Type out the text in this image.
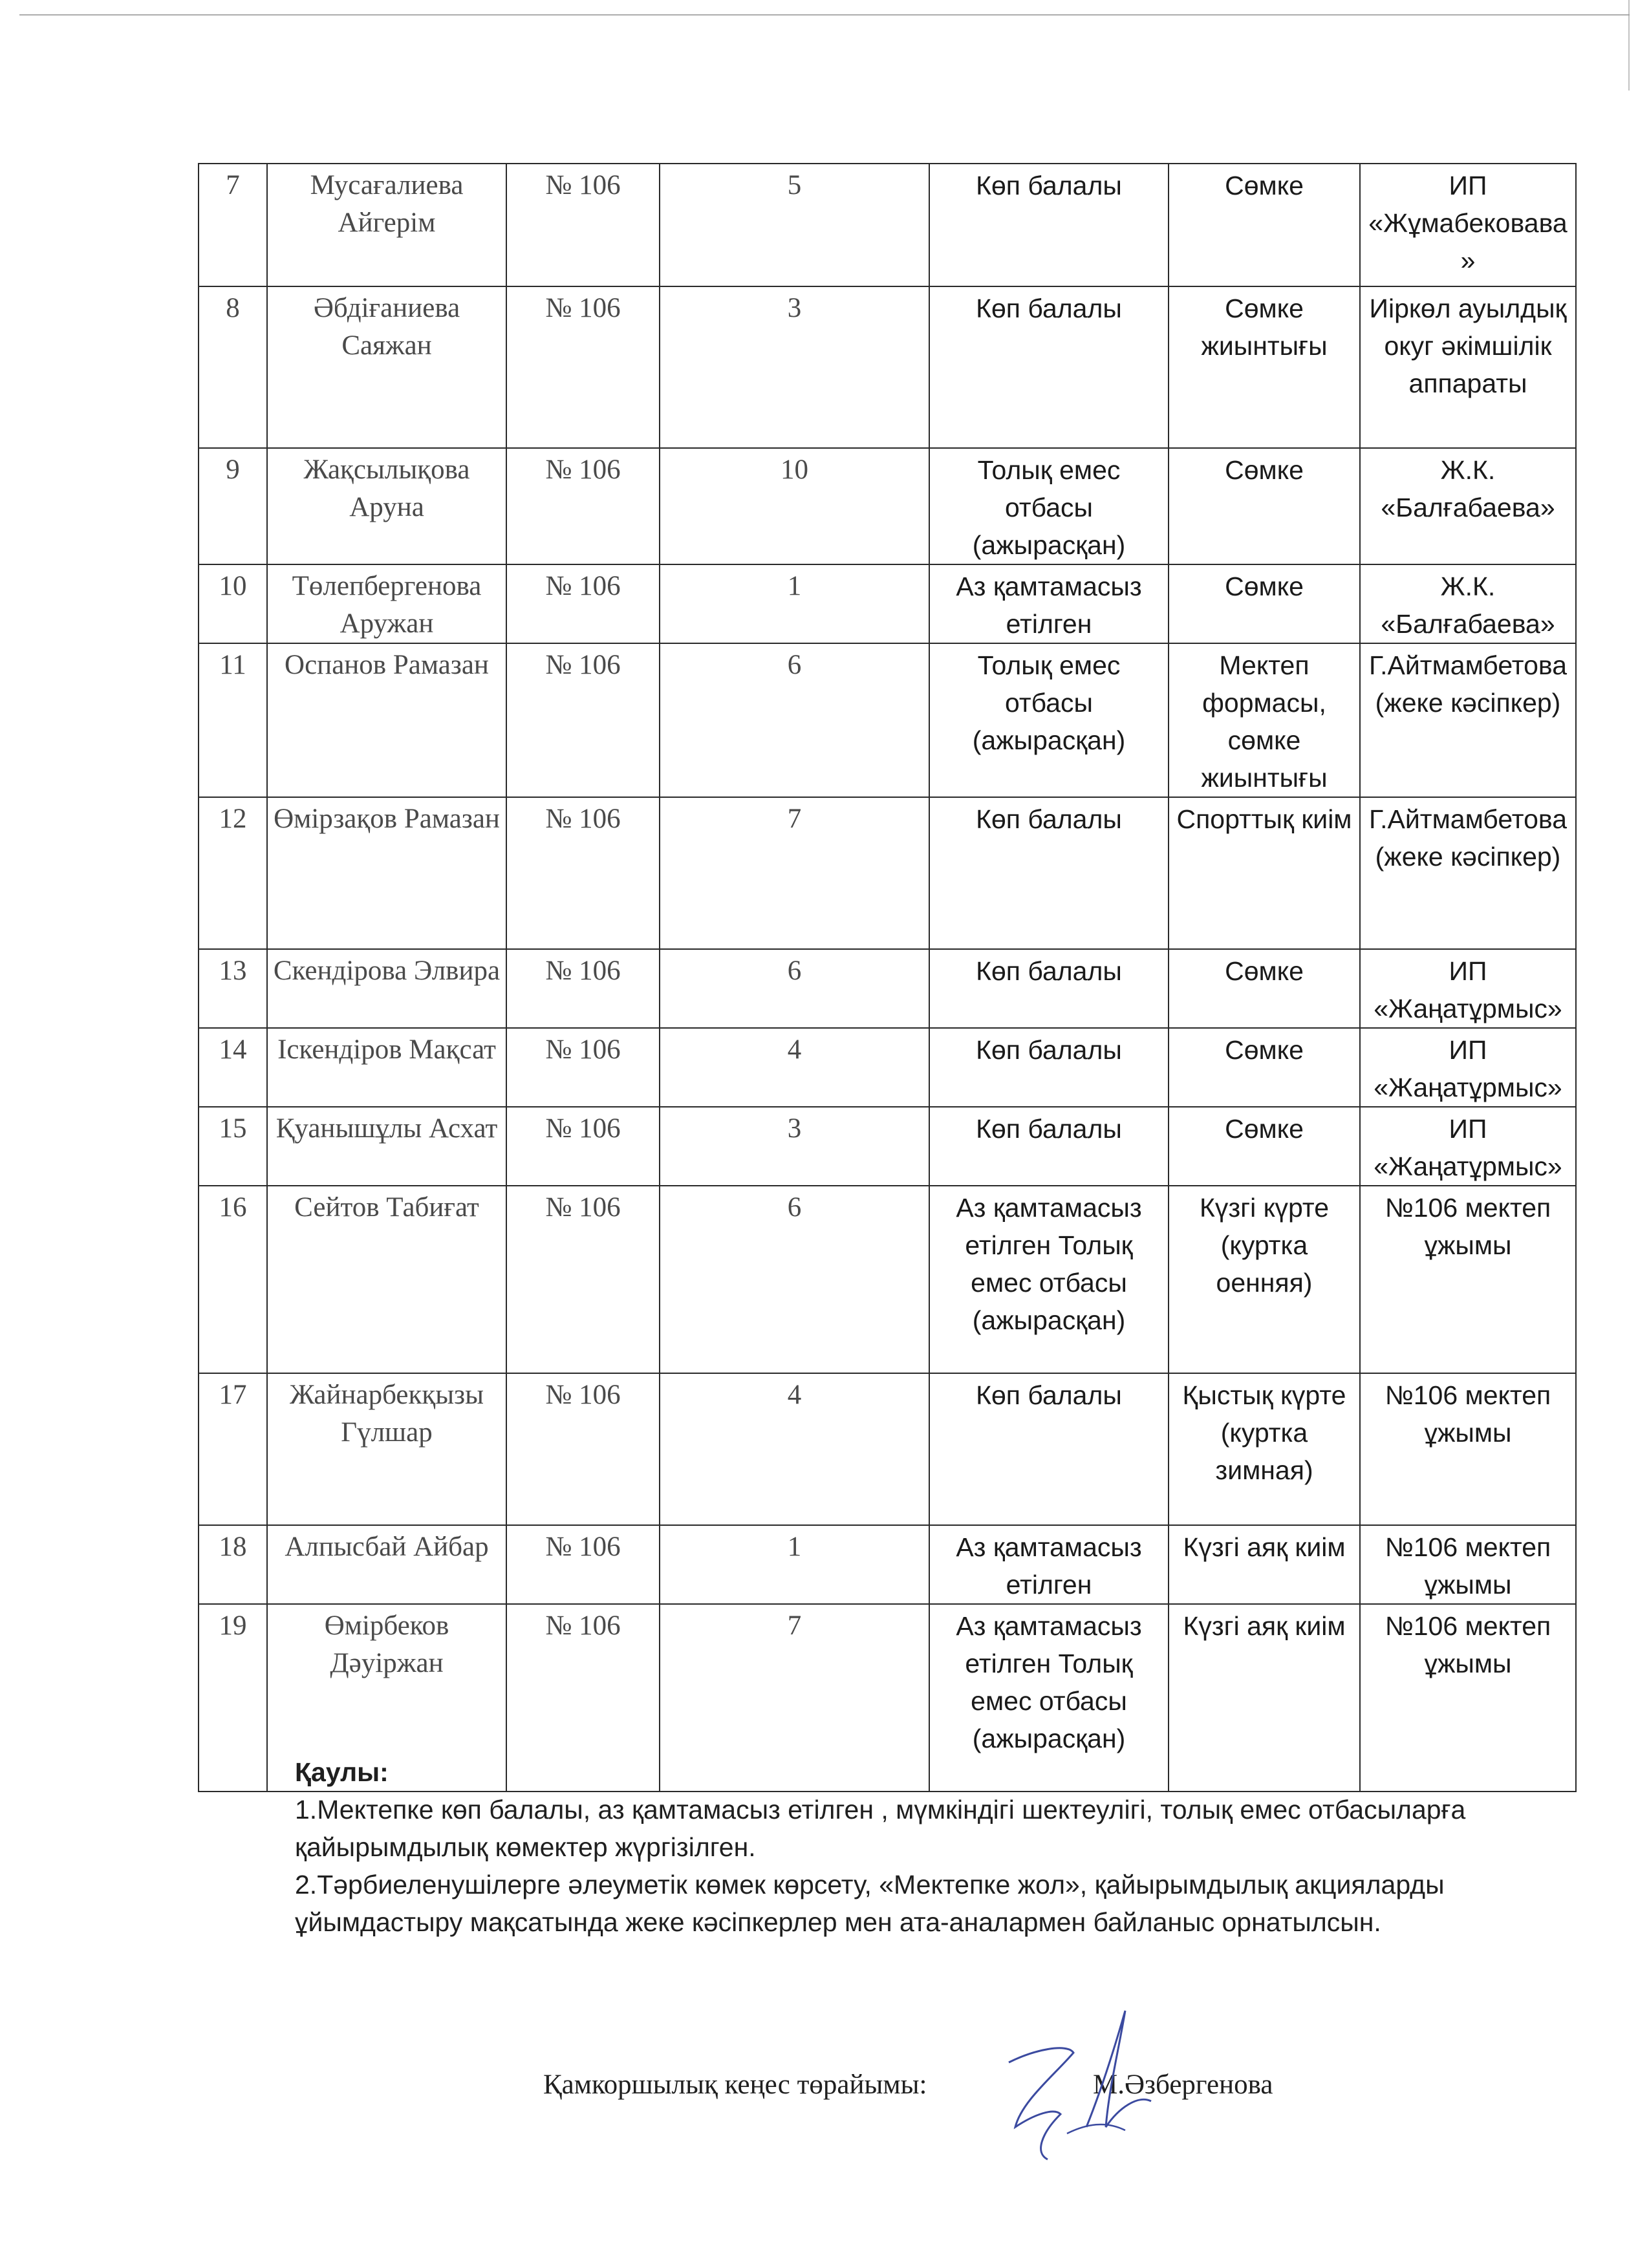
7	Мусағалиева Айгерім	№ 106	5	Көп балалы	Сөмке	ИП «Жұмабековава»
8	Әбдіғаниева Саяжан	№ 106	3	Көп балалы	Сөмке жиынтығы	Иіркөл ауылдық окуг әкімшілік аппараты
9	Жақсылықова Аруна	№ 106	10	Толық емес отбасы (ажырасқан)	Сөмке	Ж.К. «Балғабаева»
10	Төлепбергенова Аружан	№ 106	1	Аз қамтамасыз етілген	Сөмке	Ж.К. «Балғабаева»
11	Оспанов Рамазан	№ 106	6	Толық емес отбасы (ажырасқан)	Мектеп формасы, сөмке жиынтығы	Г.Айтмамбетова (жеке кәсіпкер)
12	Өмірзақов Рамазан	№ 106	7	Көп балалы	Спорттық киім	Г.Айтмамбетова (жеке кәсіпкер)
13	Скендірова Элвира	№ 106	6	Көп балалы	Сөмке	ИП «Жаңатұрмыс»
14	Іскендіров Мақсат	№ 106	4	Көп балалы	Сөмке	ИП «Жаңатұрмыс»
15	Қуанышұлы Асхат	№ 106	3	Көп балалы	Сөмке	ИП «Жаңатұрмыс»
16	Сейтов Табиғат	№ 106	6	Аз қамтамасыз етілген Толық емес отбасы (ажырасқан)	Күзгі күрте (куртка оенняя)	№106 мектеп ұжымы
17	Жайнарбекқызы Гүлшар	№ 106	4	Көп балалы	Қыстық күрте (куртка зимная)	№106 мектеп ұжымы
18	Алпысбай Айбар	№ 106	1	Аз қамтамасыз етілген	Күзгі аяқ киім	№106 мектеп ұжымы
19	Өмірбеков Дәуіржан	№ 106	7	Аз қамтамасыз етілген Толық емес отбасы (ажырасқан)	Күзгі аяқ киім	№106 мектеп ұжымы

Қаулы:

1.Мектепке көп балалы, аз қамтамасыз етілген , мүмкіндігі шектеулігі, толық емес отбасыларға қайырымдылық көмектер жүргізілген.

2.Тәрбиеленушілерге әлеуметік көмек көрсету, «Мектепке жол», қайырымдылық акцияларды ұйымдастыру мақсатында жеке кәсіпкерлер мен ата-аналармен байланыс орнатылсын.

Қамкоршылық кеңес төрайымы:	М.Әзбергенова
